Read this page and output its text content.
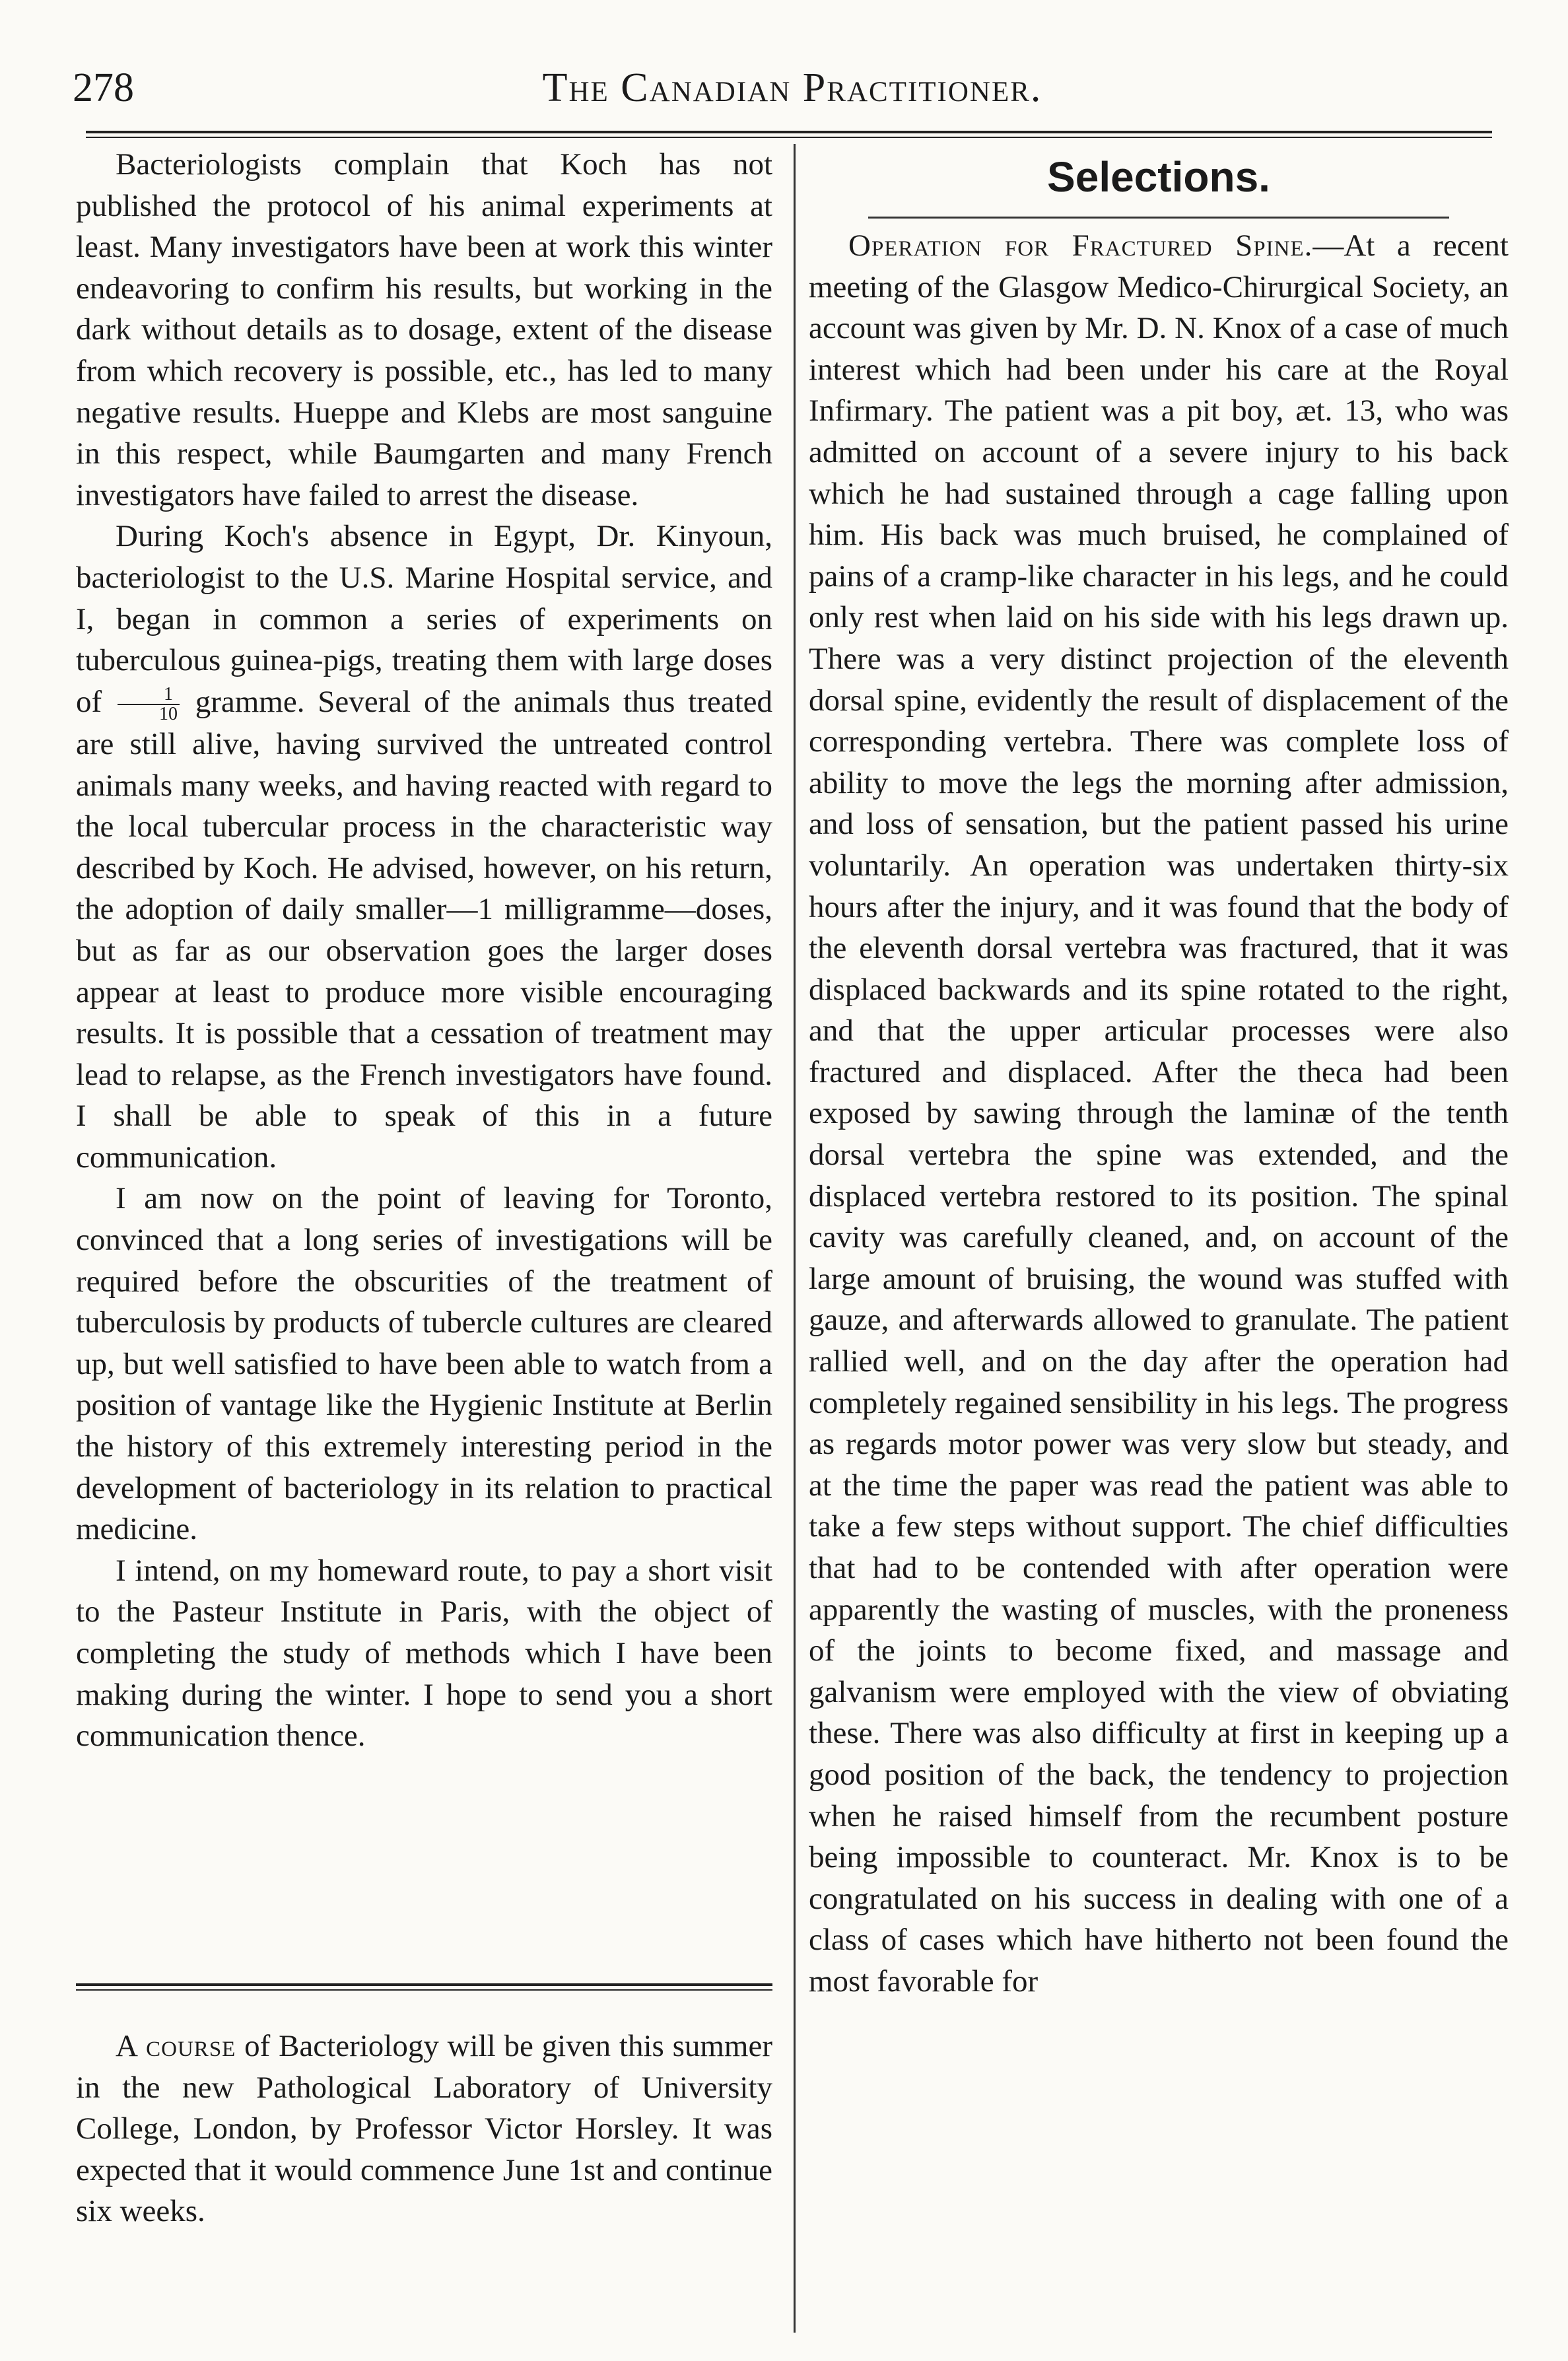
278	The Canadian Practitioner.

Bacteriologists complain that Koch has not published the protocol of his animal experiments at least. Many investigators have been at work this winter endeavoring to confirm his results, but working in the dark without details as to dosage, extent of the disease from which recovery is possible, etc., has led to many negative results. Hueppe and Klebs are most sanguine in this respect, while Baumgarten and many French investigators have failed to arrest the disease.

During Koch's absence in Egypt, Dr. Kinyoun, bacteriologist to the U.S. Marine Hospital service, and I, began in common a series of experiments on tuberculous guinea-pigs, treating them with large doses of $\frac{1}{10}$ gramme. Several of the animals thus treated are still alive, having survived the untreated control animals many weeks, and having reacted with regard to the local tubercular process in the characteristic way described by Koch. He advised, however, on his return, the adoption of daily smaller—1 milligramme—doses, but as far as our observation goes the larger doses appear at least to produce more visible encouraging results. It is possible that a cessation of treatment may lead to relapse, as the French investigators have found. I shall be able to speak of this in a future communication.

I am now on the point of leaving for Toronto, convinced that a long series of investigations will be required before the obscurities of the treatment of tuberculosis by products of tubercle cultures are cleared up, but well satisfied to have been able to watch from a position of vantage like the Hygienic Institute at Berlin the history of this extremely interesting period in the development of bacteriology in its relation to practical medicine.

I intend, on my homeward route, to pay a short visit to the Pasteur Institute in Paris, with the object of completing the study of methods which I have been making during the winter. I hope to send you a short communication thence.

A course of Bacteriology will be given this summer in the new Pathological Laboratory of University College, London, by Professor Victor Horsley. It was expected that it would commence June 1st and continue six weeks.

Selections.

Operation for Fractured Spine.—At a recent meeting of the Glasgow Medico-Chirurgical Society, an account was given by Mr. D. N. Knox of a case of much interest which had been under his care at the Royal Infirmary. The patient was a pit boy, æt. 13, who was admitted on account of a severe injury to his back which he had sustained through a cage falling upon him. His back was much bruised, he complained of pains of a cramp-like character in his legs, and he could only rest when laid on his side with his legs drawn up. There was a very distinct projection of the eleventh dorsal spine, evidently the result of displacement of the corresponding vertebra. There was complete loss of ability to move the legs the morning after admission, and loss of sensation, but the patient passed his urine voluntarily. An operation was undertaken thirty-six hours after the injury, and it was found that the body of the eleventh dorsal vertebra was fractured, that it was displaced backwards and its spine rotated to the right, and that the upper articular processes were also fractured and displaced. After the theca had been exposed by sawing through the laminæ of the tenth dorsal vertebra the spine was extended, and the displaced vertebra restored to its position. The spinal cavity was carefully cleaned, and, on account of the large amount of bruising, the wound was stuffed with gauze, and afterwards allowed to granulate. The patient rallied well, and on the day after the operation had completely regained sensibility in his legs. The progress as regards motor power was very slow but steady, and at the time the paper was read the patient was able to take a few steps without support. The chief difficulties that had to be contended with after operation were apparently the wasting of muscles, with the proneness of the joints to become fixed, and massage and galvanism were employed with the view of obviating these. There was also difficulty at first in keeping up a good position of the back, the tendency to projection when he raised himself from the recumbent posture being impossible to counteract. Mr. Knox is to be congratulated on his success in dealing with one of a class of cases which have hitherto not been found the most favorable for
